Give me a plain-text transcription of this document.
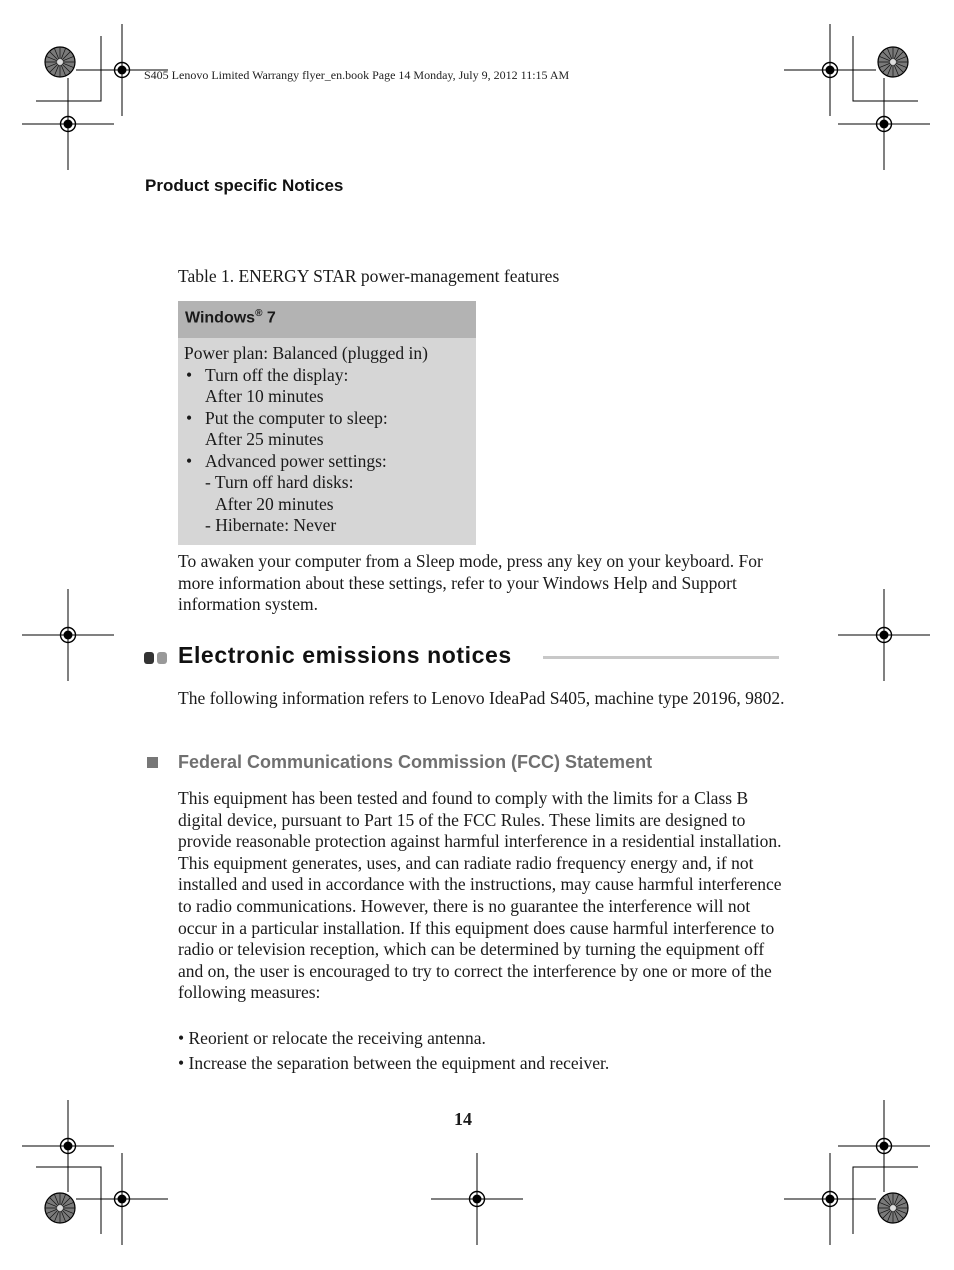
S405 Lenovo Limited Warrangy flyer_en.book Page 14 Monday, July 9, 2012 11:15 AM
Product specific Notices
Table 1. ENERGY STAR power-management features
Windows® 7
Power plan: Balanced (plugged in)
• Turn off the display:
After 10 minutes
• Put the computer to sleep:
After 25 minutes
• Advanced power settings:
- Turn off hard disks:
After 20 minutes
- Hibernate: Never
To awaken your computer from a Sleep mode, press any key on your keyboard. For more information about these settings, refer to your Windows Help and Support information system.
Electronic emissions notices
The following information refers to Lenovo IdeaPad S405, machine type 20196, 9802.
Federal Communications Commission (FCC) Statement
This equipment has been tested and found to comply with the limits for a Class B digital device, pursuant to Part 15 of the FCC Rules. These limits are designed to provide reasonable protection against harmful interference in a residential installation. This equipment generates, uses, and can radiate radio frequency energy and, if not installed and used in accordance with the instructions, may cause harmful interference to radio communications. However, there is no guarantee the interference will not occur in a particular installation. If this equipment does cause harmful interference to radio or television reception, which can be determined by turning the equipment off and on, the user is encouraged to try to correct the interference by one or more of the following measures:
• Reorient or relocate the receiving antenna.
• Increase the separation between the equipment and receiver.
14
